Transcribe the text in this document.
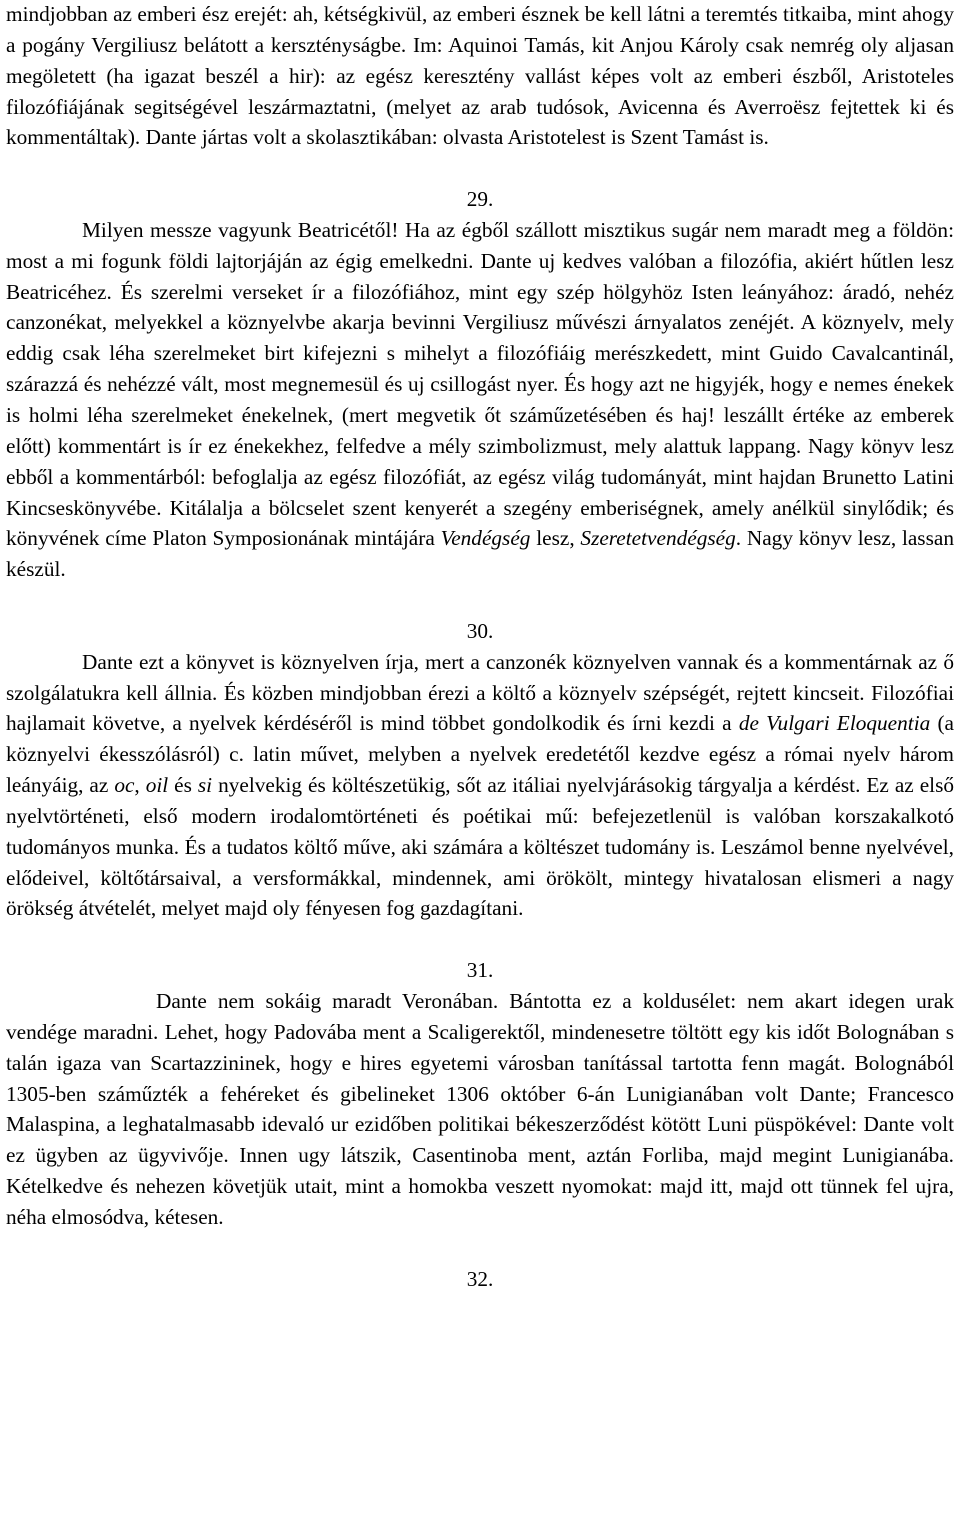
mindjobban az emberi ész erejét: ah, kétségkivül, az emberi észnek be kell látni a teremtés titkaiba, mint ahogy a pogány Vergiliusz belátott a kersztényságbe. Im: Aquinoi Tamás, kit Anjou Károly csak nemrég oly aljasan megöletett (ha igazat beszél a hir): az egész keresztény vallást képes volt az emberi észből, Aristoteles filozófiájának segitségével leszármaztatni, (melyet az arab tudósok, Avicenna és Averroësz fejtettek ki és kommentáltak). Dante jártas volt a skolasztikában: olvasta Aristotelest is Szent Tamást is.

29.

Milyen messze vagyunk Beatricétől! Ha az égből szállott misztikus sugár nem maradt meg a földön: most a mi fogunk földi lajtorjáján az égig emelkedni. Dante uj kedves valóban a filozófia, akiért hűtlen lesz Beatricéhez. És szerelmi verseket ír a filozófiához, mint egy szép hölgyhöz Isten leányához: áradó, nehéz canzonékat, melyekkel a köznyelvbe akarja bevinni Vergiliusz művészi árnyalatos zenéjét. A köznyelv, mely eddig csak léha szerelmeket birt kifejezni s mihelyt a filozófiáig merészkedett, mint Guido Cavalcantinál, szárazzá és nehézzé vált, most megnemesül és uj csillogást nyer. És hogy azt ne higyjék, hogy e nemes énekek is holmi léha szerelmeket énekelnek, (mert megvetik őt száműzetésében és haj! leszállt értéke az emberek előtt) kommentárt is ír ez énekekhez, felfedve a mély szimbolizmust, mely alattuk lappang. Nagy könyv lesz ebből a kommentárból: befoglalja az egész filozófiát, az egész világ tudományát, mint hajdan Brunetto Latini Kincseskönyvébe. Kitálalja a bölcselet szent kenyerét a szegény emberiségnek, amely anélkül sinylődik; és könyvének címe Platon Symposionának mintájára Vendégség lesz, Szeretetvendégség. Nagy könyv lesz, lassan készül.

30.

Dante ezt a könyvet is köznyelven írja, mert a canzonék köznyelven vannak és a kommentárnak az ő szolgálatukra kell állnia. És közben mindjobban érezi a költő a köznyelv szépségét, rejtett kincseit. Filozófiai hajlamait követve, a nyelvek kérdéséről is mind többet gondolkodik és írni kezdi a de Vulgari Eloquentia (a köznyelvi ékesszólásról) c. latin művet, melyben a nyelvek eredetétől kezdve egész a római nyelv három leányáig, az oc, oil és si nyelvekig és költészetükig, sőt az itáliai nyelvjárásokig tárgyalja a kérdést. Ez az első nyelvtörténeti, első modern irodalomtörténeti és poétikai mű: befejezetlenül is valóban korszakalkotó tudományos munka. És a tudatos költő műve, aki számára a költészet tudomány is. Leszámol benne nyelvével, elődeivel, költőtársaival, a versformákkal, mindennek, ami örökölt, mintegy hivatalosan elismeri a nagy örökség átvételét, melyet majd oly fényesen fog gazdagítani.

31.

Dante nem sokáig maradt Veronában. Bántotta ez a koldusélet: nem akart idegen urak vendége maradni. Lehet, hogy Padovába ment a Scaligerektől, mindenesetre töltött egy kis időt Bolognában s talán igaza van Scartazzininek, hogy e hires egyetemi városban tanítással tartotta fenn magát. Bolognából 1305-ben száműzték a fehéreket és gibelineket 1306 október 6-án Lunigianában volt Dante; Francesco Malaspina, a leghatalmasabb idevaló ur ezidőben politikai békeszerződést kötött Luni püspökével: Dante volt ez ügyben az ügyvivője. Innen ugy látszik, Casentinoba ment, aztán Forliba, majd megint Lunigianába. Kételkedve és nehezen követjük utait, mint a homokba veszett nyomokat: majd itt, majd ott tünnek fel ujra, néha elmosódva, kétesen.

32.
